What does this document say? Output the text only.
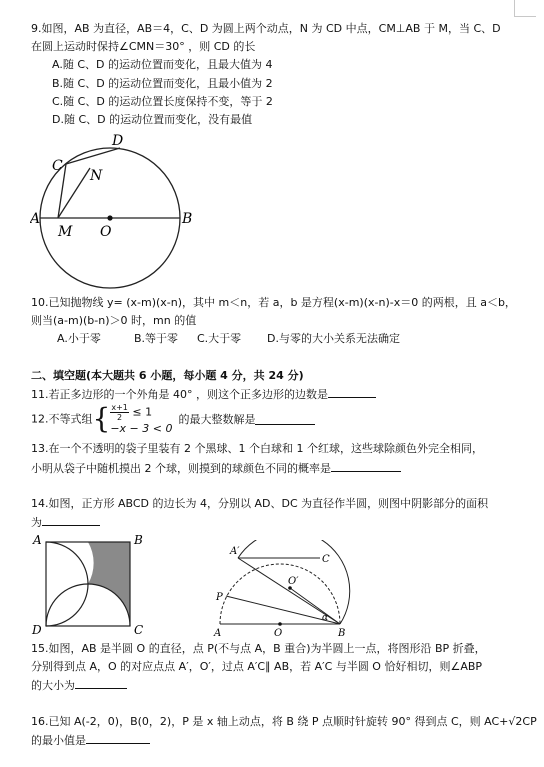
9.如图，AB 为直径，AB＝4，C、D 为圆上两个动点，N 为 CD 中点，CM⊥AB 于 M，当 C、D
在圆上运动时保持∠CMN＝30° ，则 CD 的长
A.随 C、D 的运动位置而变化，且最大值为 4
B.随 C、D 的运动位置而变化，且最小值为 2
C.随 C、D 的运动位置长度保持不变，等于 2
D.随 C、D 的运动位置而变化，没有最值
D
C
N
A
M O
B
10.已知抛物线 y= (x-m)(x-n)，其中 m＜n，若 a，b 是方程(x-m)(x-n)-x＝0 的两根，且 a＜b，
则当(a-m)(b-n)＞0 时，mn 的值
A.小于零	B.等于零 C.大于零 D.与零的大小关系无法确定
二、填空题(本大题共 6 小题，每小题 4 分，共 24 分)
11.若正多边形的一个外角是 40° ，则这个正多边形的边数是
12.不等式组{ $\frac{x+1}{2} \le 1$
−x − 3 < 0
的最大整数解是
13.在一个不透明的袋子里装有 2 个黑球、1 个白球和 1 个红球，这些球除颜色外完全相同，
小明从袋子中随机摸出 2 个球，则摸到的球颜色不同的概率是
14.如图，正方形 ABCD 的边长为 4，分别以 AD、DC 为直径作半圆，则图中阴影部分的面积
为
A	B
D	C
A′
C
O′
P
α
A	O	B
15.如图，AB 是半圆 O 的直径，点 P(不与点 A，B 重合)为半圆上一点，将图形沿 BP 折叠，
分别得到点 A，O 的对应点点 A′，O′，过点 A′C∥ AB，若 A′C 与半圆 O 恰好相切，则∠ABP
的大小为
16.已知 A(-2，0)，B(0，2)，P 是 x 轴上动点，将 B 绕 P 点顺时针旋转 90° 得到点 C，则 AC+√2CP
的最小值是
